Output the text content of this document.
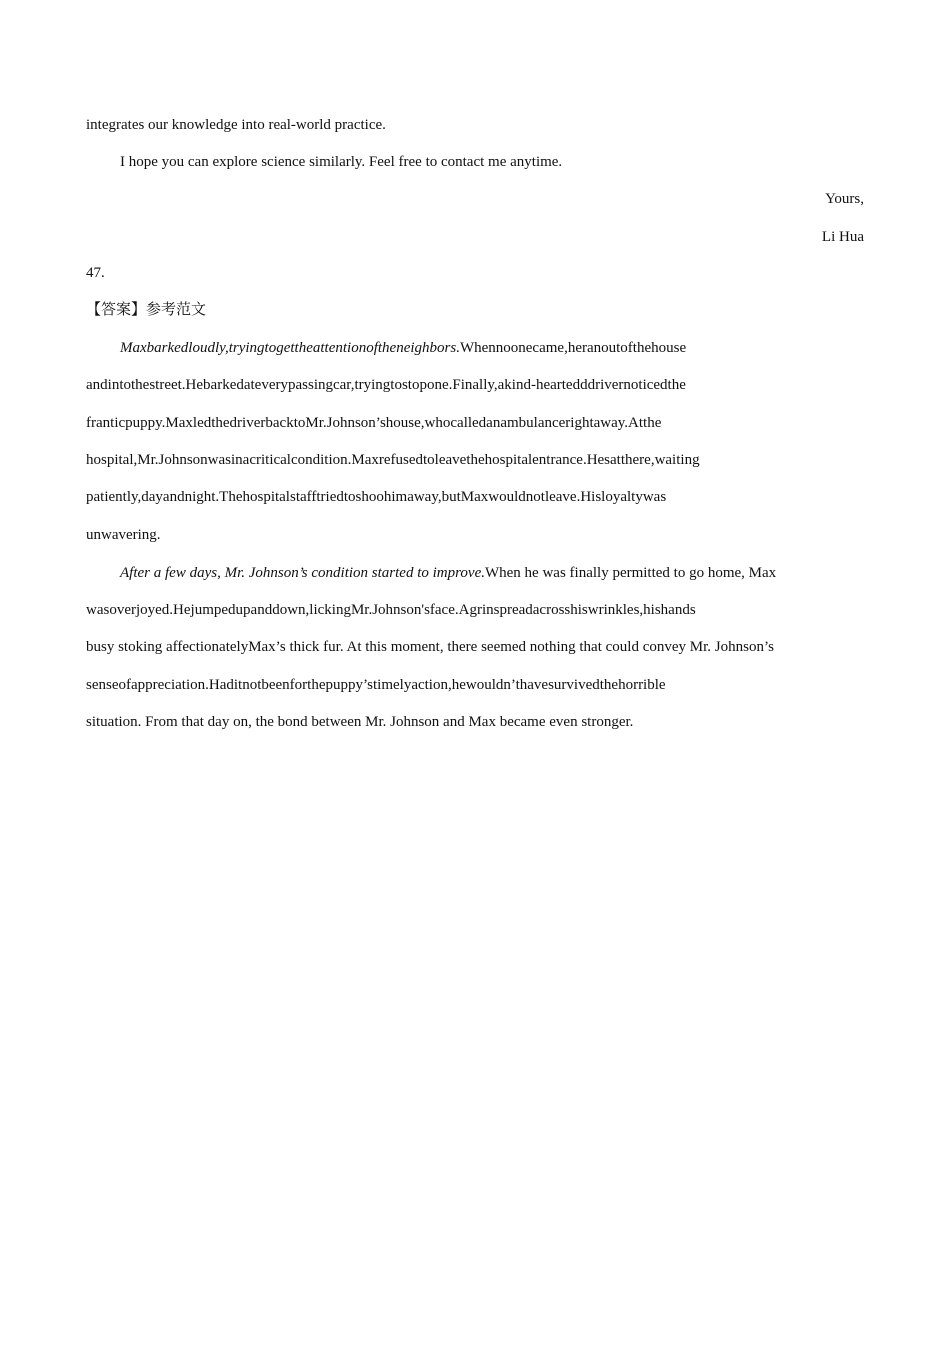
integrates our knowledge into real-world practice.
I hope you can explore science similarly. Feel free to contact me anytime.
Yours,
Li Hua
47.
【答案】参考范文
Maxbarkedloudly,tryingtogettheattentionoftheneighbors.Whennoonecame,heranoutofthehouse
andintothestreet.Hebarkedateverypassingcar,tryingtostopone.Finally,akind-heartedddrivernoticedthe
franticpuppy.MaxledthedriverbacktoMr.Johnson’shouse,whocalledanambulancerightaway.Atthe
hospital,Mr.Johnsonwasinacriticalcondition.Maxrefusedtoleavethehospitalentrance.Hesatthere,waiting
patiently,dayandnight.Thehospitalstafftriedtoshoohimaway,butMaxwouldnotleave.Hisloyaltywas
unwavering.
After a few days, Mr. Johnson’s condition started to improve.When he was finally permitted to go home, Max
wasoverjoyed.Hejumpedupanddown,lickingMr.Johnson'sface.Agrinspreadacrosshiswrinkles,hishands
busy stoking affectionatelyMax’s thick fur. At this moment, there seemed nothing that could convey Mr. Johnson’s
senseofappreciation.Haditnotbeenforthepuppy’stimelyaction,hewouldn’thavesurvivedthehorrible
situation. From that day on, the bond between Mr. Johnson and Max became even stronger.
